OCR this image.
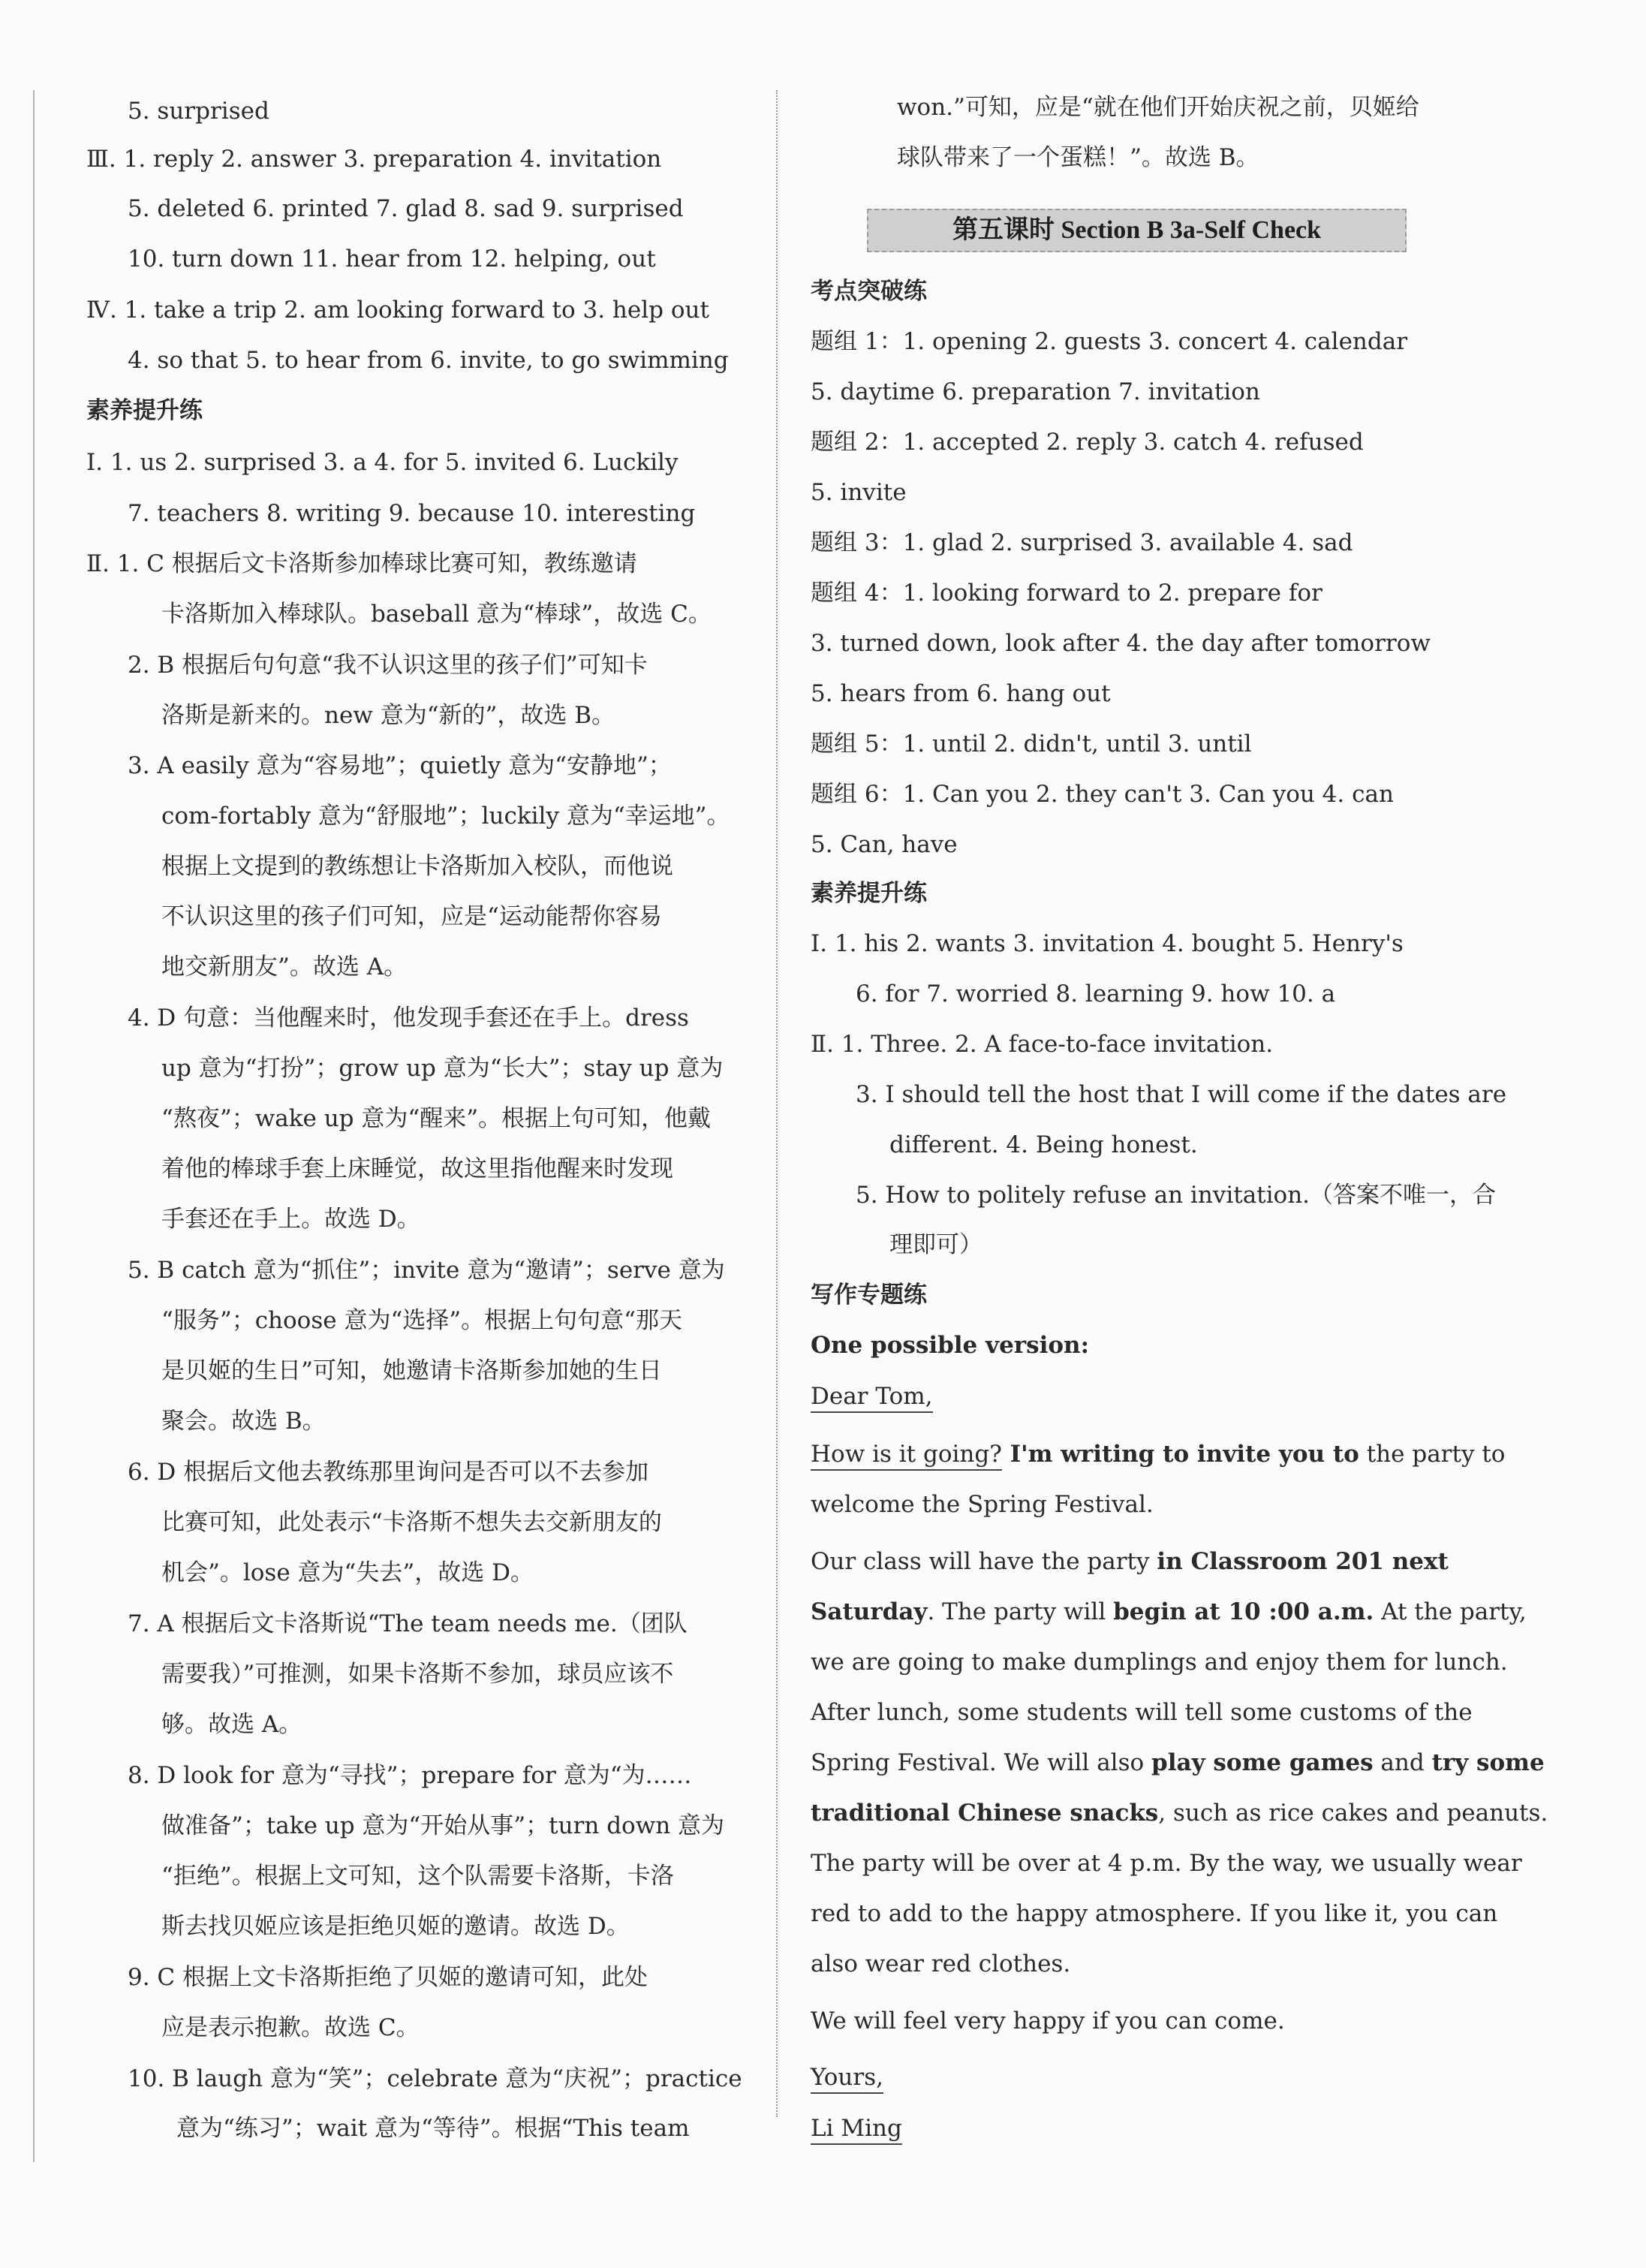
5. surprised
Ⅲ. 1. reply 2. answer 3. preparation 4. invitation
5. deleted 6. printed 7. glad 8. sad 9. surprised
10. turn down 11. hear from 12. helping, out
Ⅳ. 1. take a trip 2. am looking forward to 3. help out
4. so that 5. to hear from 6. invite, to go swimming
素养提升练
Ⅰ. 1. us 2. surprised 3. a 4. for 5. invited 6. Luckily
7. teachers 8. writing 9. because 10. interesting
Ⅱ. 1. C 根据后文卡洛斯参加棒球比赛可知，教练邀请
卡洛斯加入棒球队。baseball 意为“棒球”，故选 C。
2. B 根据后句句意“我不认识这里的孩子们”可知卡
洛斯是新来的。new 意为“新的”，故选 B。
3. A easily 意为“容易地”；quietly 意为“安静地”；
com-fortably 意为“舒服地”；luckily 意为“幸运地”。
根据上文提到的教练想让卡洛斯加入校队，而他说
不认识这里的孩子们可知，应是“运动能帮你容易
地交新朋友”。故选 A。
4. D 句意：当他醒来时，他发现手套还在手上。dress
up 意为“打扮”；grow up 意为“长大”；stay up 意为
“熬夜”；wake up 意为“醒来”。根据上句可知，他戴
着他的棒球手套上床睡觉，故这里指他醒来时发现
手套还在手上。故选 D。
5. B catch 意为“抓住”；invite 意为“邀请”；serve 意为
“服务”；choose 意为“选择”。根据上句句意“那天
是贝姬的生日”可知，她邀请卡洛斯参加她的生日
聚会。故选 B。
6. D 根据后文他去教练那里询问是否可以不去参加
比赛可知，此处表示“卡洛斯不想失去交新朋友的
机会”。lose 意为“失去”，故选 D。
7. A 根据后文卡洛斯说“The team needs me.（团队
需要我）”可推测，如果卡洛斯不参加，球员应该不
够。故选 A。
8. D look for 意为“寻找”；prepare for 意为“为……
做准备”；take up 意为“开始从事”；turn down 意为
“拒绝”。根据上文可知，这个队需要卡洛斯，卡洛
斯去找贝姬应该是拒绝贝姬的邀请。故选 D。
9. C 根据上文卡洛斯拒绝了贝姬的邀请可知，此处
应是表示抱歉。故选 C。
10. B laugh 意为“笑”；celebrate 意为“庆祝”；practice
意为“练习”；wait 意为“等待”。根据“This team
won.”可知，应是“就在他们开始庆祝之前，贝姬给
球队带来了一个蛋糕！”。故选 B。
第五课时 Section B 3a-Self Check
考点突破练
题组 1：1. opening 2. guests 3. concert 4. calendar
5. daytime 6. preparation 7. invitation
题组 2：1. accepted 2. reply 3. catch 4. refused
5. invite
题组 3：1. glad 2. surprised 3. available 4. sad
题组 4：1. looking forward to 2. prepare for
3. turned down, look after 4. the day after tomorrow
5. hears from 6. hang out
题组 5：1. until 2. didn't, until 3. until
题组 6：1. Can you 2. they can't 3. Can you 4. can
5. Can, have
素养提升练
Ⅰ. 1. his 2. wants 3. invitation 4. bought 5. Henry's
6. for 7. worried 8. learning 9. how 10. a
Ⅱ. 1. Three. 2. A face-to-face invitation.
3. I should tell the host that I will come if the dates are
different. 4. Being honest.
5. How to politely refuse an invitation.（答案不唯一，合
理即可）
写作专题练
One possible version:
Dear Tom,
How is it going? I'm writing to invite you to the party to
welcome the Spring Festival.
Our class will have the party in Classroom 201 next
Saturday. The party will begin at 10 :00 a.m. At the party,
we are going to make dumplings and enjoy them for lunch.
After lunch, some students will tell some customs of the
Spring Festival. We will also play some games and try some
traditional Chinese snacks, such as rice cakes and peanuts.
The party will be over at 4 p.m. By the way, we usually wear
red to add to the happy atmosphere. If you like it, you can
also wear red clothes.
We will feel very happy if you can come.
Yours,
Li Ming
